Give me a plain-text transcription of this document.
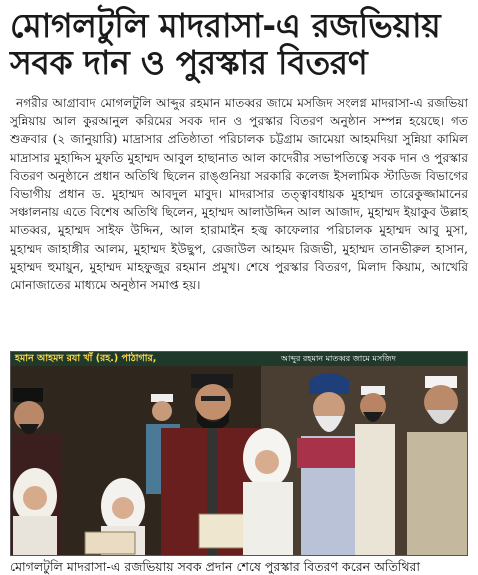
মোগলটুলি মাদরাসা-এ রজভিয়ায়
সবক দান ও পুরস্কার বিতরণ
নগরীর আগ্রাবাদ মোগলটুলি আব্দুর রহমান মাতব্বর জামে মসজিদ সংলগ্ন মাদরাসা-এ রজভিয়া সুন্নিয়ায় আল কুরআনুল করিমের সবক দান ও পুরস্কার বিতরণ অনুষ্ঠান সম্পন্ন হয়েছে। গত শুক্রবার (২ জানুয়ারি) মাদ্রাসার প্রতিষ্ঠাতা পরিচালক চট্টগ্রাম জামেয়া আহমদিয়া সুন্নিয়া কামিল মাদ্রাসার মুহাদ্দিস মুফতি মুহাম্মদ আবুল হাছানাত আল কাদেরীর সভাপতিত্বে সবক দান ও পুরস্কার বিতরণ অনুষ্ঠানে প্রধান অতিথি ছিলেন রাঙ্গুনিয়া সরকারি কলেজ ইসলামিক স্টাডিজ বিভাগের বিভাগীয় প্রধান ড. মুহাম্মদ আবদুল মাবুদ। মাদরাসার তত্ত্বাবধায়ক মুহাম্মদ তারেকুজ্জামানের সঞ্চালনায় এতে বিশেষ অতিথি ছিলেন, মুহাম্মদ আলাউদ্দিন আল আজাদ, মুহাম্মদ ইয়াকুব উল্লাহ মাতব্বর, মুহাম্মদ সাইফ উদ্দিন, আল হারামাইন হজ্ব কাফেলার পরিচালক মুহাম্মদ আবু মুসা, মুহাম্মদ জাহাঙ্গীর আলম, মুহাম্মদ ইউছুপ, রেজাউল আহমদ রিজভী, মুহাম্মদ তানভীরুল হাসান, মুহাম্মদ হুমায়ুন, মুহাম্মদ মাহফুজুর রহমান প্রমুখ। শেষে পুরস্কার বিতরণ, মিলাদ কিয়াম, আখেরি মোনাজাতের মাধ্যমে অনুষ্ঠান সমাপ্ত হয়।
হমান আহমদ রযা খাঁ (রহ.) পাঠাগার,	আব্দুর রহমান মাতব্বর জামে মসজিদ
মোগলটুলি মাদরাসা-এ রজভিয়ায় সবক প্রদান শেষে পুরস্কার বিতরণ করেন অতিথিরা
